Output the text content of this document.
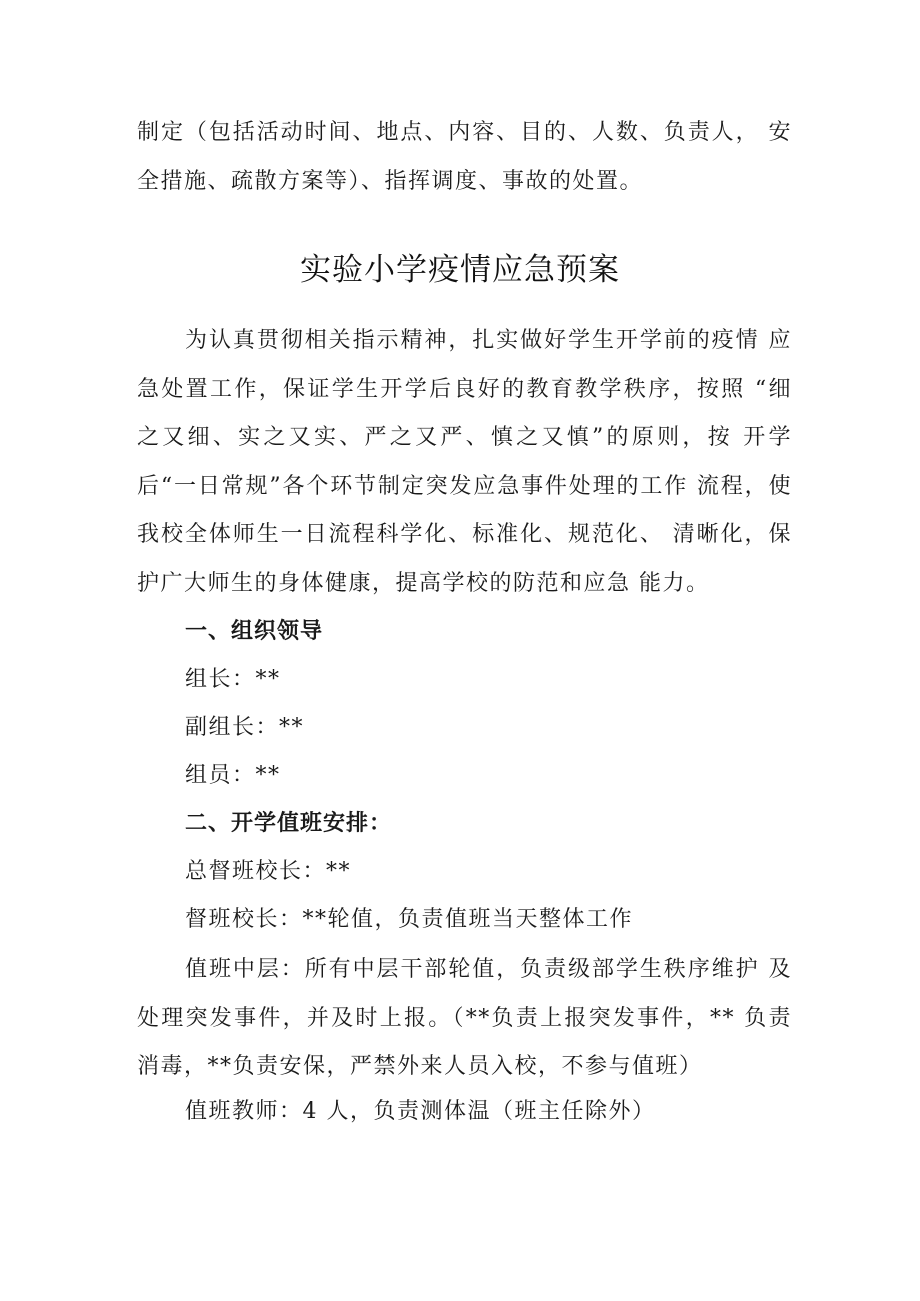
制定（包括活动时间、地点、内容、目的、人数、负责人， 安全措施、疏散方案等）、指挥调度、事故的处置。

实验小学疫情应急预案

为认真贯彻相关指示精神，扎实做好学生开学前的疫情 应急处置工作，保证学生开学后良好的教育教学秩序，按照 “细之又细、实之又实、严之又严、慎之又慎”的原则，按 开学后“一日常规”各个环节制定突发应急事件处理的工作 流程，使我校全体师生一日流程科学化、标准化、规范化、 清晰化，保护广大师生的身体健康，提高学校的防范和应急 能力。

一、组织领导

组长：**

副组长：**

组员：**

二、开学值班安排：

总督班校长：**

督班校长：**轮值，负责值班当天整体工作

值班中层：所有中层干部轮值，负责级部学生秩序维护 及处理突发事件，并及时上报。（**负责上报突发事件，** 负责消毒，**负责安保，严禁外来人员入校，不参与值班）

值班教师：4 人，负责测体温（班主任除外）
